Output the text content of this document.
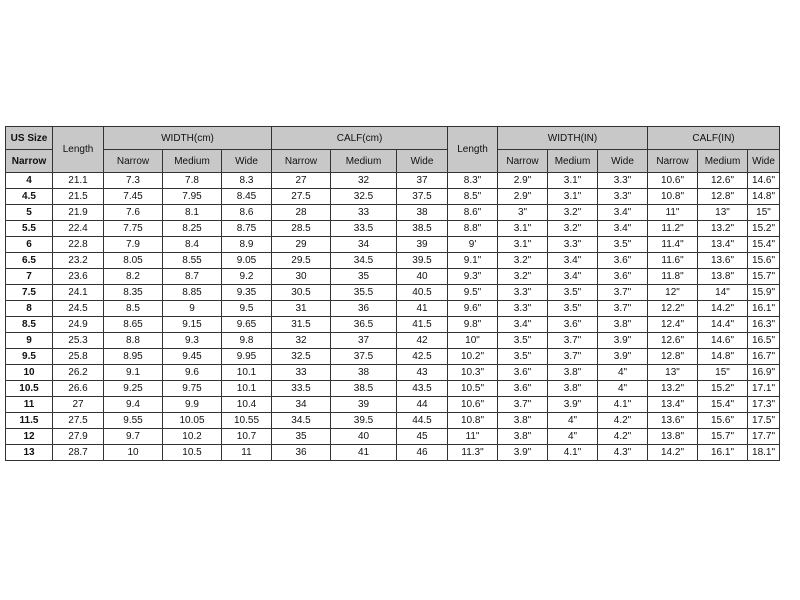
US Size	Length	WIDTH(cm)			CALF(cm)			Length	WIDTH(IN)			CALF(IN)		
Narrow		Narrow	Medium	Wide	Narrow	Medium	Wide		Narrow	Medium	Wide	Narrow	Medium	Wide
4	21.1	7.3	7.8	8.3	27	32	37	8.3"	2.9"	3.1"	3.3"	10.6"	12.6"	14.6"
4.5	21.5	7.45	7.95	8.45	27.5	32.5	37.5	8.5"	2.9"	3.1"	3.3"	10.8"	12.8"	14.8"
5	21.9	7.6	8.1	8.6	28	33	38	8.6"	3"	3.2"	3.4"	11"	13"	15"
5.5	22.4	7.75	8.25	8.75	28.5	33.5	38.5	8.8"	3.1"	3.2"	3.4"	11.2"	13.2"	15.2"
6	22.8	7.9	8.4	8.9	29	34	39	9'	3.1"	3.3"	3.5"	11.4"	13.4"	15.4"
6.5	23.2	8.05	8.55	9.05	29.5	34.5	39.5	9.1"	3.2"	3.4"	3.6"	11.6"	13.6"	15.6"
7	23.6	8.2	8.7	9.2	30	35	40	9.3"	3.2"	3.4"	3.6"	11.8"	13.8"	15.7"
7.5	24.1	8.35	8.85	9.35	30.5	35.5	40.5	9.5"	3.3"	3.5"	3.7"	12"	14"	15.9"
8	24.5	8.5	9	9.5	31	36	41	9.6"	3.3"	3.5"	3.7"	12.2"	14.2"	16.1"
8.5	24.9	8.65	9.15	9.65	31.5	36.5	41.5	9.8"	3.4"	3.6"	3.8"	12.4"	14.4"	16.3"
9	25.3	8.8	9.3	9.8	32	37	42	10"	3.5"	3.7"	3.9"	12.6"	14.6"	16.5"
9.5	25.8	8.95	9.45	9.95	32.5	37.5	42.5	10.2"	3.5"	3.7"	3.9"	12.8"	14.8"	16.7"
10	26.2	9.1	9.6	10.1	33	38	43	10.3"	3.6"	3.8"	4"	13"	15"	16.9"
10.5	26.6	9.25	9.75	10.1	33.5	38.5	43.5	10.5"	3.6"	3.8"	4"	13.2"	15.2"	17.1"
11	27	9.4	9.9	10.4	34	39	44	10.6"	3.7"	3.9"	4.1"	13.4"	15.4"	17.3"
11.5	27.5	9.55	10.05	10.55	34.5	39.5	44.5	10.8"	3.8"	4"	4.2"	13.6"	15.6"	17.5"
12	27.9	9.7	10.2	10.7	35	40	45	11"	3.8"	4"	4.2"	13.8"	15.7"	17.7"
13	28.7	10	10.5	11	36	41	46	11.3"	3.9"	4.1"	4.3"	14.2"	16.1"	18.1"
